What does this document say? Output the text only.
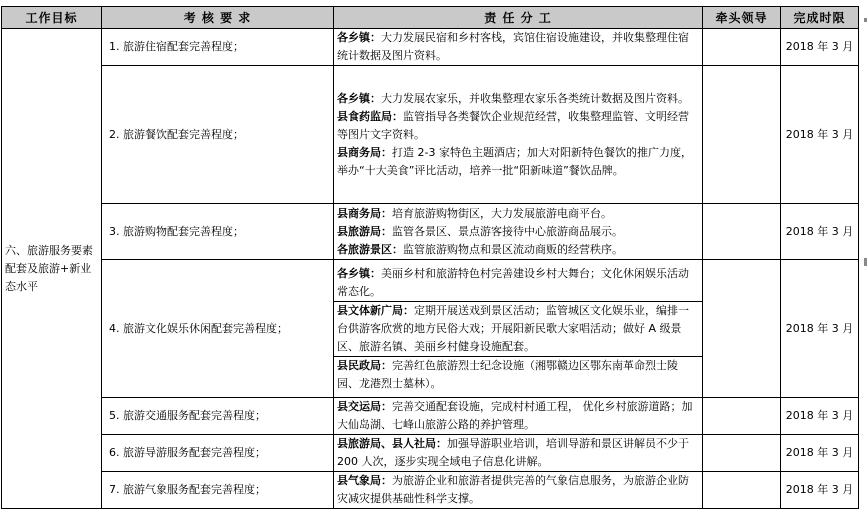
工作目标	考 核 要 求	责 任 分 工	牵头领导	完成时限
六、旅游服务要素配套及旅游+新业态水平	1. 旅游住宿配套完善程度；	各乡镇：大力发展民宿和乡村客栈，宾馆住宿设施建设，并收集整理住宿统计数据及图片资料。		2018 年 3 月
	2. 旅游餐饮配套完善程度；	各乡镇：大力发展农家乐，并收集整理农家乐各类统计数据及图片资料。
县食药监局：监管指导各类餐饮企业规范经营，收集整理监管、文明经营等图片文字资料。
县商务局：打造 2-3 家特色主题酒店；加大对阳新特色餐饮的推广力度，举办“十大美食”评比活动，培养一批“阳新味道”餐饮品牌。		2018 年 3 月
	3. 旅游购物配套完善程度；	县商务局：培育旅游购物街区，大力发展旅游电商平台。
县旅游局：监管各景区、景点游客接待中心旅游商品展示。
各旅游景区：监管旅游购物点和景区流动商贩的经营秩序。		2018 年 3 月
	4. 旅游文化娱乐休闲配套完善程度；	各乡镇：美丽乡村和旅游特色村完善建设乡村大舞台；文化休闲娱乐活动常态化。
县文体新广局：定期开展送戏到景区活动；监管城区文化娱乐业，编排一台供游客欣赏的地方民俗大戏；开展阳新民歌大家唱活动；做好 A 级景区、旅游名镇、美丽乡村健身设施配套。
县民政局：完善红色旅游烈士纪念设施（湘鄂赣边区鄂东南革命烈士陵园、龙港烈士墓林）。		2018 年 3 月
	5. 旅游交通服务配套完善程度；	县交运局：完善交通配套设施，完成村村通工程， 优化乡村旅游道路；加大仙岛湖、七峰山旅游公路的养护管理。		2018 年 3 月
	6. 旅游导游服务配套完善程度；	县旅游局、县人社局：加强导游职业培训，培训导游和景区讲解员不少于 200 人次，逐步实现全域电子信息化讲解。		2018 年 3 月
	7. 旅游气象服务配套完善程度；	县气象局：为旅游企业和旅游者提供完善的气象信息服务，为旅游企业防灾减灾提供基础性科学支撑。		2018 年 3 月
